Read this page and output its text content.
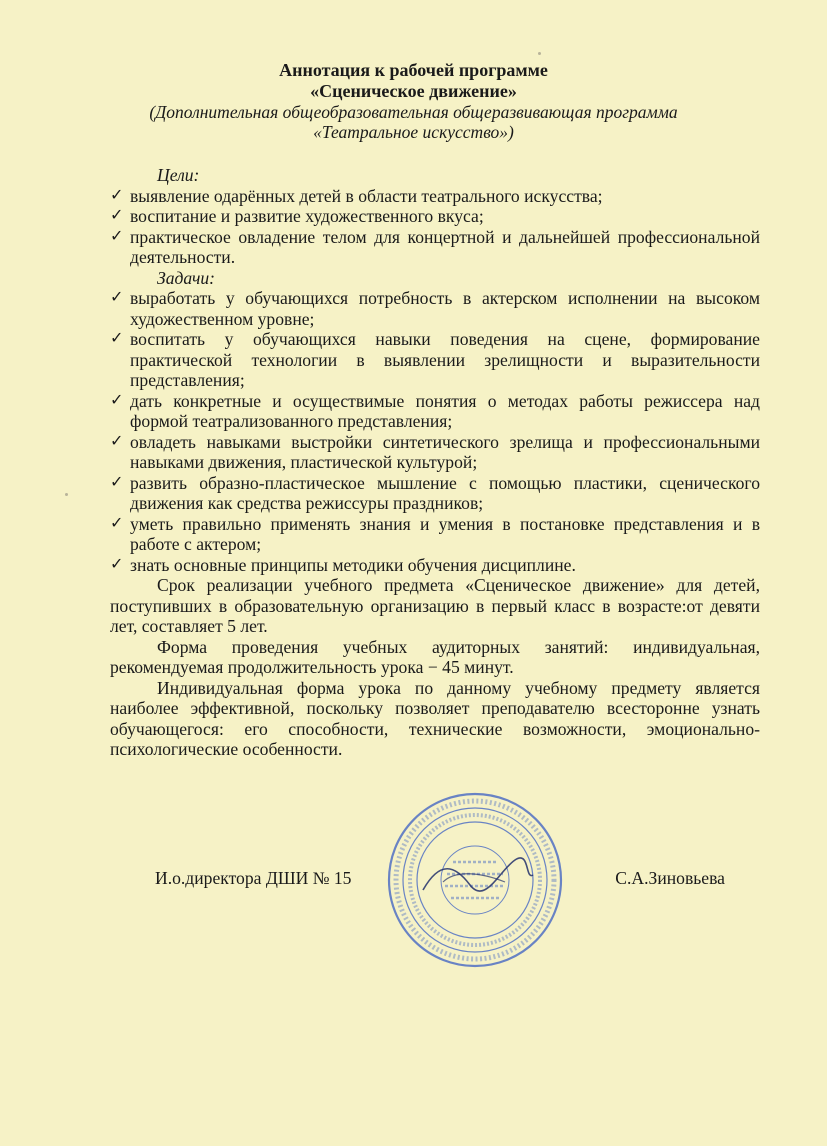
Аннотация к рабочей программе
«Сценическое движение»
(Дополнительная общеобразовательная общеразвивающая программа
«Театральное искусство»)
Цели:
✓ выявление одарённых детей в области театрального искусства;
✓ воспитание и развитие художественного вкуса;
✓ практическое овладение телом для концертной и дальнейшей профессиональной деятельности.
Задачи:
✓ выработать у обучающихся потребность в актерском исполнении на высоком художественном уровне;
✓ воспитать у обучающихся навыки поведения на сцене, формирование практической технологии в выявлении зрелищности и выразительности представления;
✓ дать конкретные и осуществимые понятия о методах работы режиссера над формой театрализованного представления;
✓ овладеть навыками выстройки синтетического зрелища и профессиональными навыками движения, пластической культурой;
✓ развить образно-пластическое мышление с помощью пластики, сценического движения как средства режиссуры праздников;
✓ уметь правильно применять знания и умения в постановке представления и в работе с актером;
✓ знать основные принципы методики обучения дисциплине.
Срок реализации учебного предмета «Сценическое движение» для детей, поступивших в образовательную организацию в первый класс в возрасте:от девяти лет, составляет 5 лет.
Форма проведения учебных аудиторных занятий: индивидуальная, рекомендуемая продолжительность урока − 45 минут.
Индивидуальная форма урока по данному учебному предмету является наиболее эффективной, поскольку позволяет преподавателю всесторонне узнать обучающегося: его способности, технические возможности, эмоционально-психологические особенности.
И.о.директора ДШИ № 15	С.А.Зиновьева
